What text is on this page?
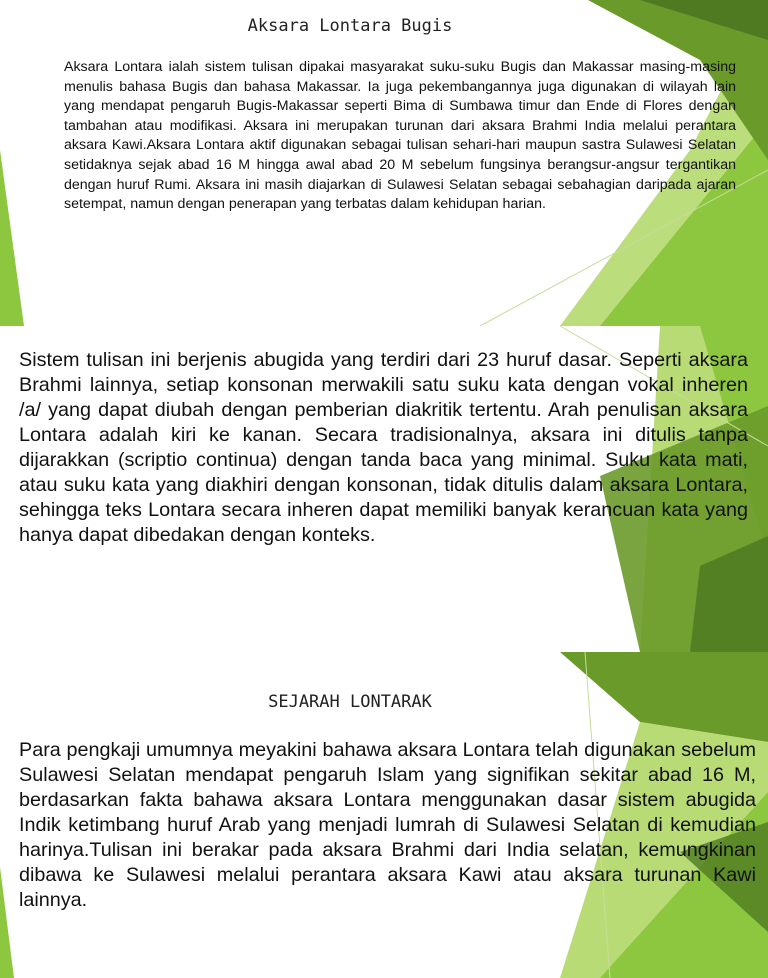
Aksara Lontara Bugis

Aksara Lontara ialah sistem tulisan dipakai masyarakat suku-suku Bugis dan Makassar masing-masing menulis bahasa Bugis dan bahasa Makassar. Ia juga pekembangannya juga digunakan di wilayah lain yang mendapat pengaruh Bugis-Makassar seperti Bima di Sumbawa timur dan Ende di Flores dengan tambahan atau modifikasi. Aksara ini merupakan turunan dari aksara Brahmi India melalui perantara aksara Kawi.Aksara Lontara aktif digunakan sebagai tulisan sehari-hari maupun sastra Sulawesi Selatan setidaknya sejak abad 16 M hingga awal abad 20 M sebelum fungsinya berangsur-angsur tergantikan dengan huruf Rumi. Aksara ini masih diajarkan di Sulawesi Selatan sebagai sebahagian daripada ajaran setempat, namun dengan penerapan yang terbatas dalam kehidupan harian.

Sistem tulisan ini berjenis abugida yang terdiri dari 23 huruf dasar. Seperti aksara Brahmi lainnya, setiap konsonan merwakili satu suku kata dengan vokal inheren /a/ yang dapat diubah dengan pemberian diakritik tertentu. Arah penulisan aksara Lontara adalah kiri ke kanan. Secara tradisionalnya, aksara ini ditulis tanpa dijarakkan (scriptio continua) dengan tanda baca yang minimal. Suku kata mati, atau suku kata yang diakhiri dengan konsonan, tidak ditulis dalam aksara Lontara, sehingga teks Lontara secara inheren dapat memiliki banyak kerancuan kata yang hanya dapat dibedakan dengan konteks.

SEJARAH LONTARAK

Para pengkaji umumnya meyakini bahawa aksara Lontara telah digunakan sebelum Sulawesi Selatan mendapat pengaruh Islam yang signifikan sekitar abad 16 M, berdasarkan fakta bahawa aksara Lontara menggunakan dasar sistem abugida Indik ketimbang huruf Arab yang menjadi lumrah di Sulawesi Selatan di kemudian harinya.Tulisan ini berakar pada aksara Brahmi dari India selatan, kemungkinan dibawa ke Sulawesi melalui perantara aksara Kawi atau aksara turunan Kawi lainnya.
